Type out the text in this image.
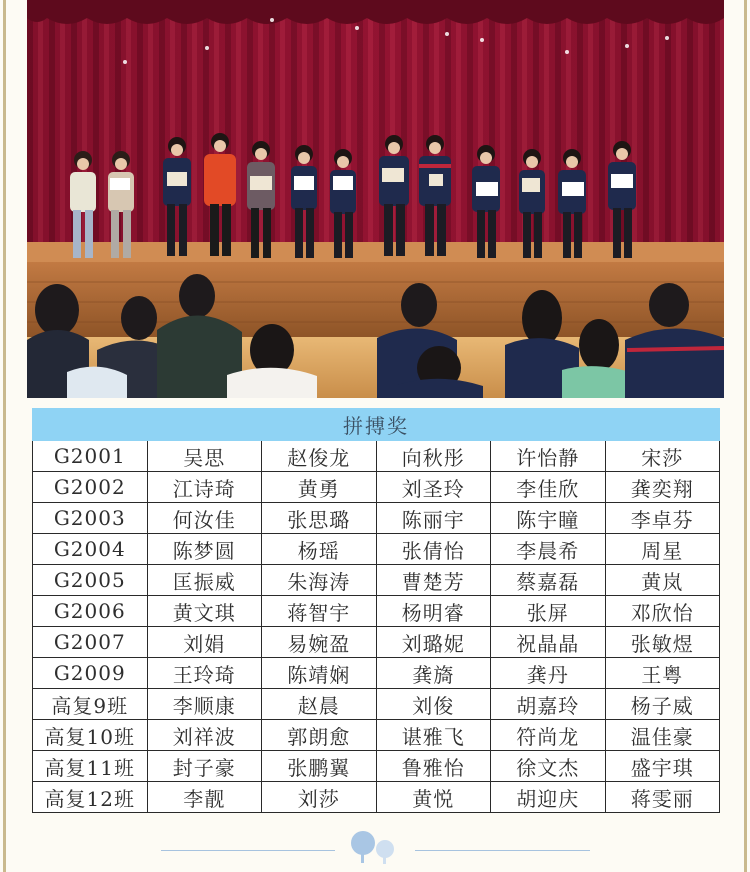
拼搏奖					
G2001	吴思	赵俊龙	向秋彤	许怡静	宋莎
G2002	江诗琦	黄勇	刘圣玲	李佳欣	龚奕翔
G2003	何汝佳	张思璐	陈丽宇	陈宇瞳	李卓芬
G2004	陈梦圆	杨瑶	张倩怡	李晨希	周星
G2005	匡振威	朱海涛	曹楚芳	蔡嘉磊	黄岚
G2006	黄文琪	蒋智宇	杨明睿	张屏	邓欣怡
G2007	刘娟	易婉盈	刘璐妮	祝晶晶	张敏煜
G2009	王玲琦	陈靖娴	龚旖	龚丹	王粤
高复9班	李顺康	赵晨	刘俊	胡嘉玲	杨子威
高复10班	刘祥波	郭朗愈	谌雅飞	符尚龙	温佳豪
高复11班	封子豪	张鹏翼	鲁雅怡	徐文杰	盛宇琪
高复12班	李靓	刘莎	黄悦	胡迎庆	蒋雯丽
